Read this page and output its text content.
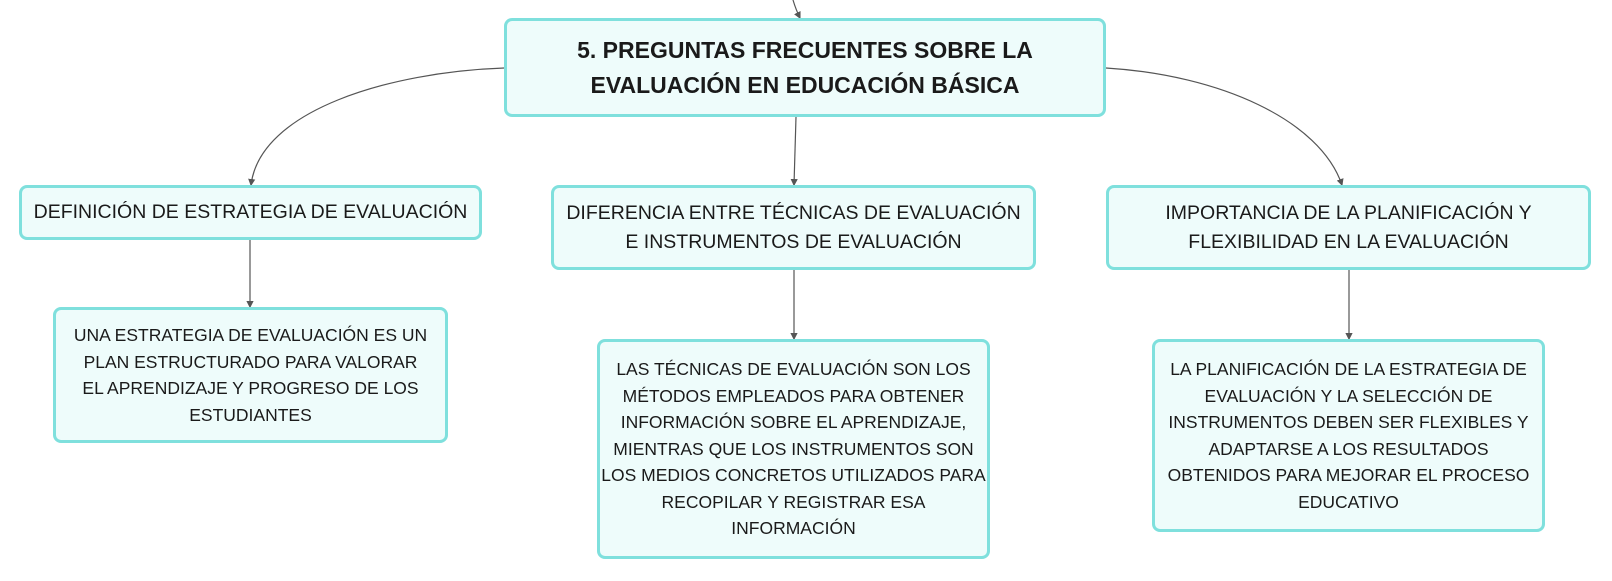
5. PREGUNTAS FRECUENTES SOBRE LA EVALUACIÓN EN EDUCACIÓN BÁSICA
DEFINICIÓN DE ESTRATEGIA DE EVALUACIÓN	DIFERENCIA ENTRE TÉCNICAS DE EVALUACIÓN E INSTRUMENTOS DE EVALUACIÓN
IMPORTANCIA DE LA PLANIFICACIÓN Y FLEXIBILIDAD EN LA EVALUACIÓN
UNA ESTRATEGIA DE EVALUACIÓN ES UN PLAN ESTRUCTURADO PARA VALORAR EL APRENDIZAJE Y PROGRESO DE LOS ESTUDIANTES
LAS TÉCNICAS DE EVALUACIÓN SON LOS MÉTODOS EMPLEADOS PARA OBTENER INFORMACIÓN SOBRE EL APRENDIZAJE, MIENTRAS QUE LOS INSTRUMENTOS SON LOS MEDIOS CONCRETOS UTILIZADOS PARA RECOPILAR Y REGISTRAR ESA INFORMACIÓN
LA PLANIFICACIÓN DE LA ESTRATEGIA DE EVALUACIÓN Y LA SELECCIÓN DE INSTRUMENTOS DEBEN SER FLEXIBLES Y ADAPTARSE A LOS RESULTADOS OBTENIDOS PARA MEJORAR EL PROCESO EDUCATIVO
